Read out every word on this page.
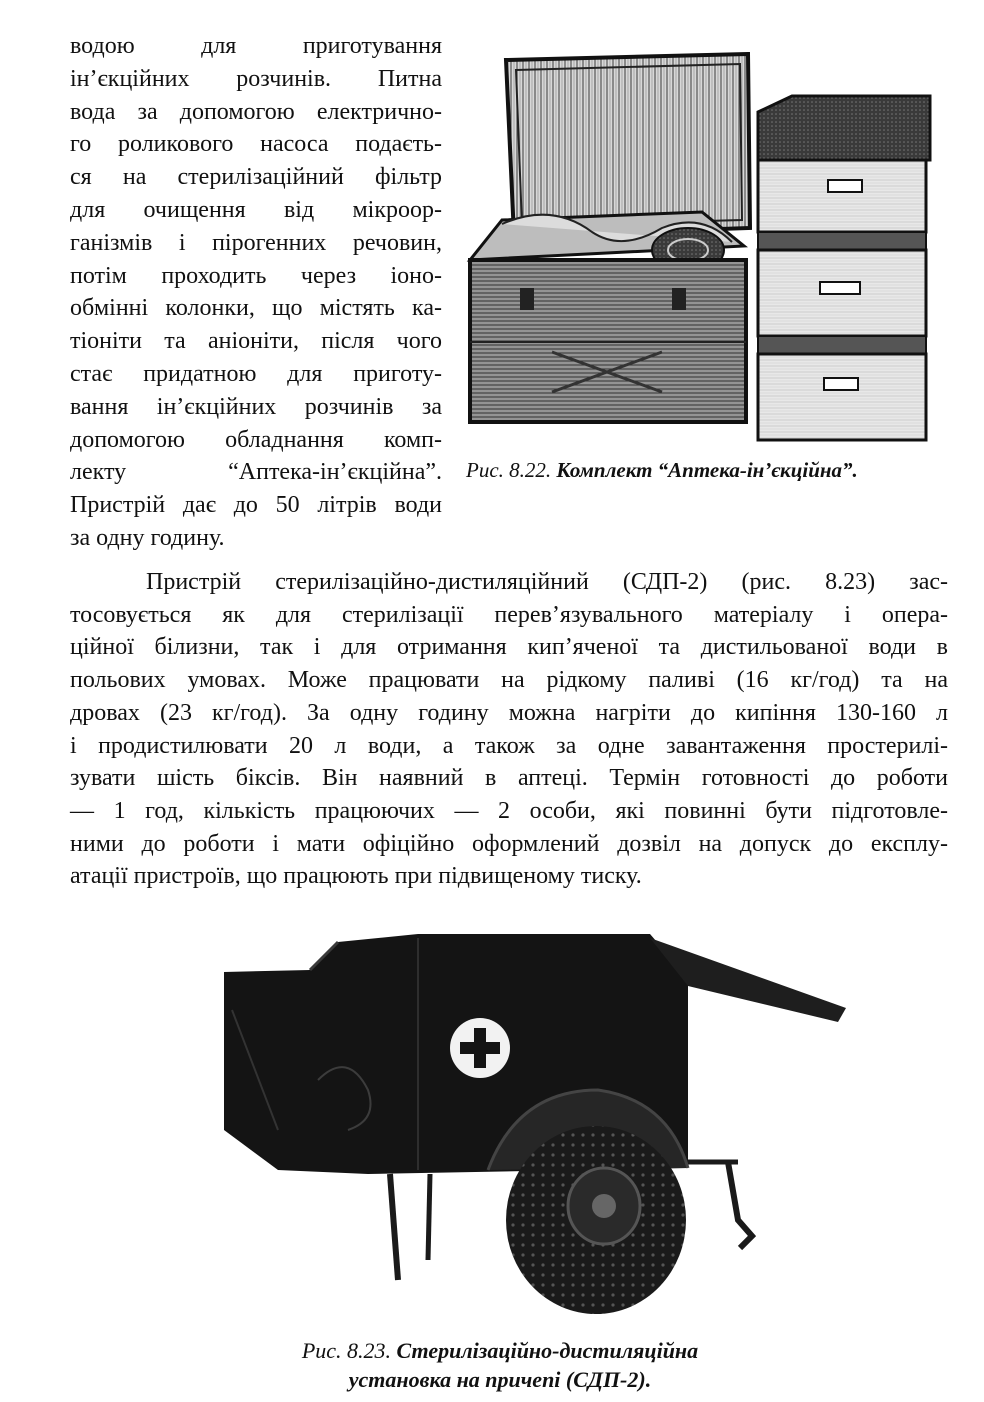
водою для приготування
ін’єкційних розчинів. Питна
вода за допомогою електрично-
го роликового насоса подаєть-
ся на стерилізаційний фільтр
для очищення від мікроор-
ганізмів і пірогенних речовин,
потім проходить через іоно-
обмінні колонки, що містять ка-
тіоніти та аніоніти, після чого
стає придатною для приготу-
вання ін’єкційних розчинів за
допомогою обладнання комп-
лекту “Аптека-ін’єкційна”.
Пристрій дає до 50 літрів води
за одну годину.
Рис. 8.22. Комплект “Аптека-ін’єкційна”.
Пристрій стерилізаційно-дистиляційний (СДП-2) (рис. 8.23) зас-
тосовується як для стерилізації перев’язувального матеріалу і опера-
ційної білизни, так і для отримання кип’яченої та дистильованої води в
польових умовах. Може працювати на рідкому паливі (16 кг/год) та на
дровах (23 кг/год). За одну годину можна нагріти до кипіння 130-160 л
і продистилювати 20 л води, а також за одне завантаження простерилі-
зувати шість біксів. Він наявний в аптеці. Термін готовності до роботи
— 1 год, кількість працюючих — 2 особи, які повинні бути підготовле-
ними до роботи і мати офіційно оформлений дозвіл на допуск до експлу-
атації пристроїв, що працюють при підвищеному тиску.
Рис. 8.23. Стерилізаційно-дистиляційна
установка на причепі (СДП-2).
